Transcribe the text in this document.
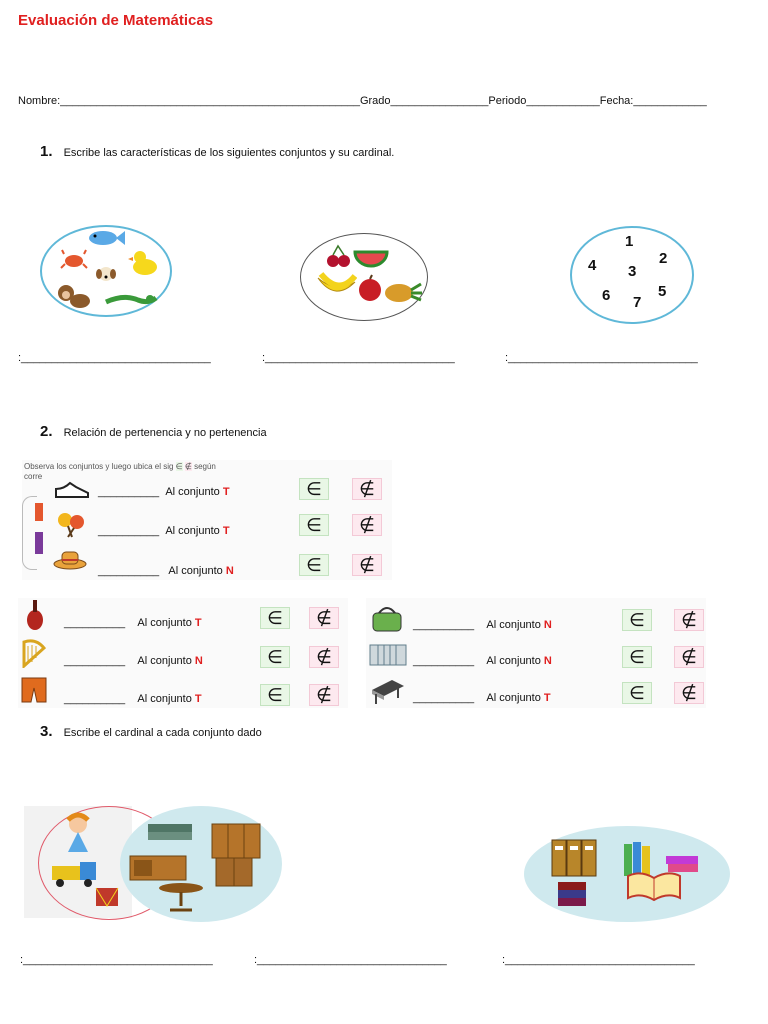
Evaluación de Matemáticas
Nombre:_________________________________________________Grado________________Periodo____________Fecha:____________
1. Escribe las características de los siguientes conjuntos y su cardinal.
:_______________________________	:_______________________________
1
2
3
4
5
6 7
:_______________________________
2. Relación de pertenencia y no pertenencia
Observa los conjuntos y luego ubica el sig ∈ ∉ según
corre
__________ Al conjunto T	∈	∉
__________ Al conjunto T	∈	∉
__________ Al conjunto N	∈	∉
__________ Al conjunto T	∈	∉
__________ Al conjunto N	∈	∉
__________ Al conjunto T	∈	∉
__________ Al conjunto N	∈	∉
__________ Al conjunto N	∈	∉
__________ Al conjunto T	∈	∉
3. Escribe el cardinal a cada conjunto dado
:_______________________________	:_______________________________	:_______________________________
